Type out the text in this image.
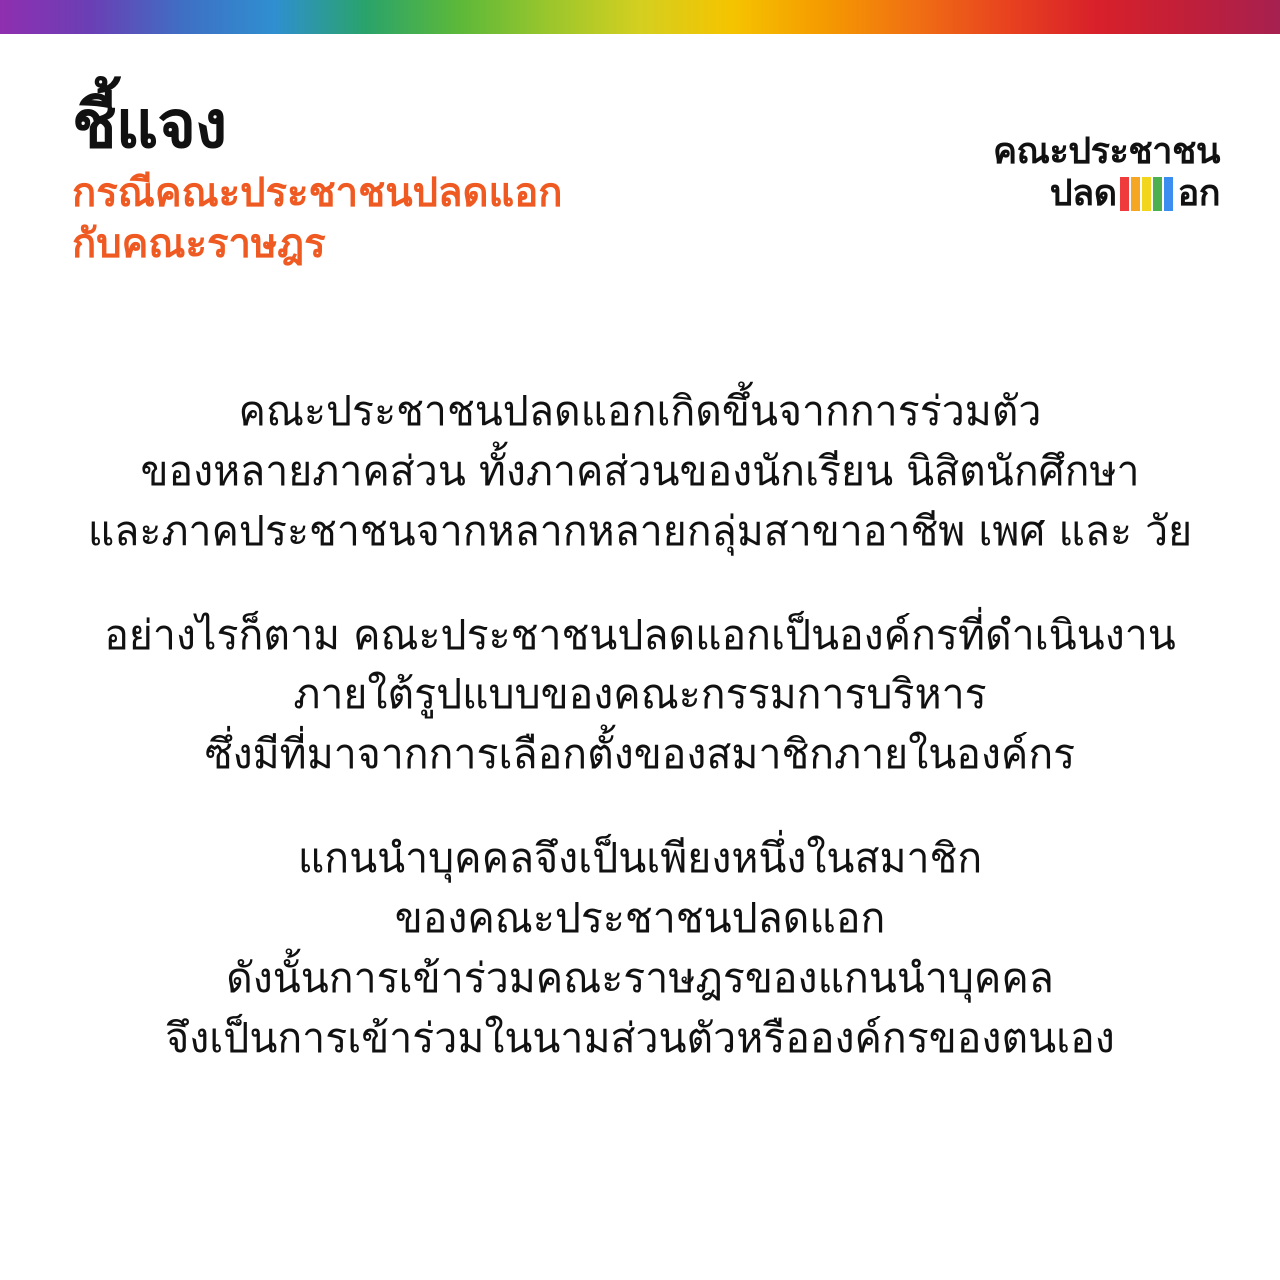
ชี้แจง
กรณีคณะประชาชนปลดแอก
กับคณะราษฎร
คณะประชาชน
ปลด อก

คณะประชาชนปลดแอกเกิดขึ้นจากการร่วมตัว
ของหลายภาคส่วน ทั้งภาคส่วนของนักเรียน นิสิตนักศึกษา
และภาคประชาชนจากหลากหลายกลุ่มสาขาอาชีพ เพศ และ วัย

อย่างไรก็ตาม คณะประชาชนปลดแอกเป็นองค์กรที่ดำเนินงาน
ภายใต้รูปแบบของคณะกรรมการบริหาร
ซึ่งมีที่มาจากการเลือกตั้งของสมาชิกภายในองค์กร

แกนนำบุคคลจึงเป็นเพียงหนึ่งในสมาชิก
ของคณะประชาชนปลดแอก
ดังนั้นการเข้าร่วมคณะราษฎรของแกนนำบุคคล
จึงเป็นการเข้าร่วมในนามส่วนตัวหรือองค์กรของตนเอง
